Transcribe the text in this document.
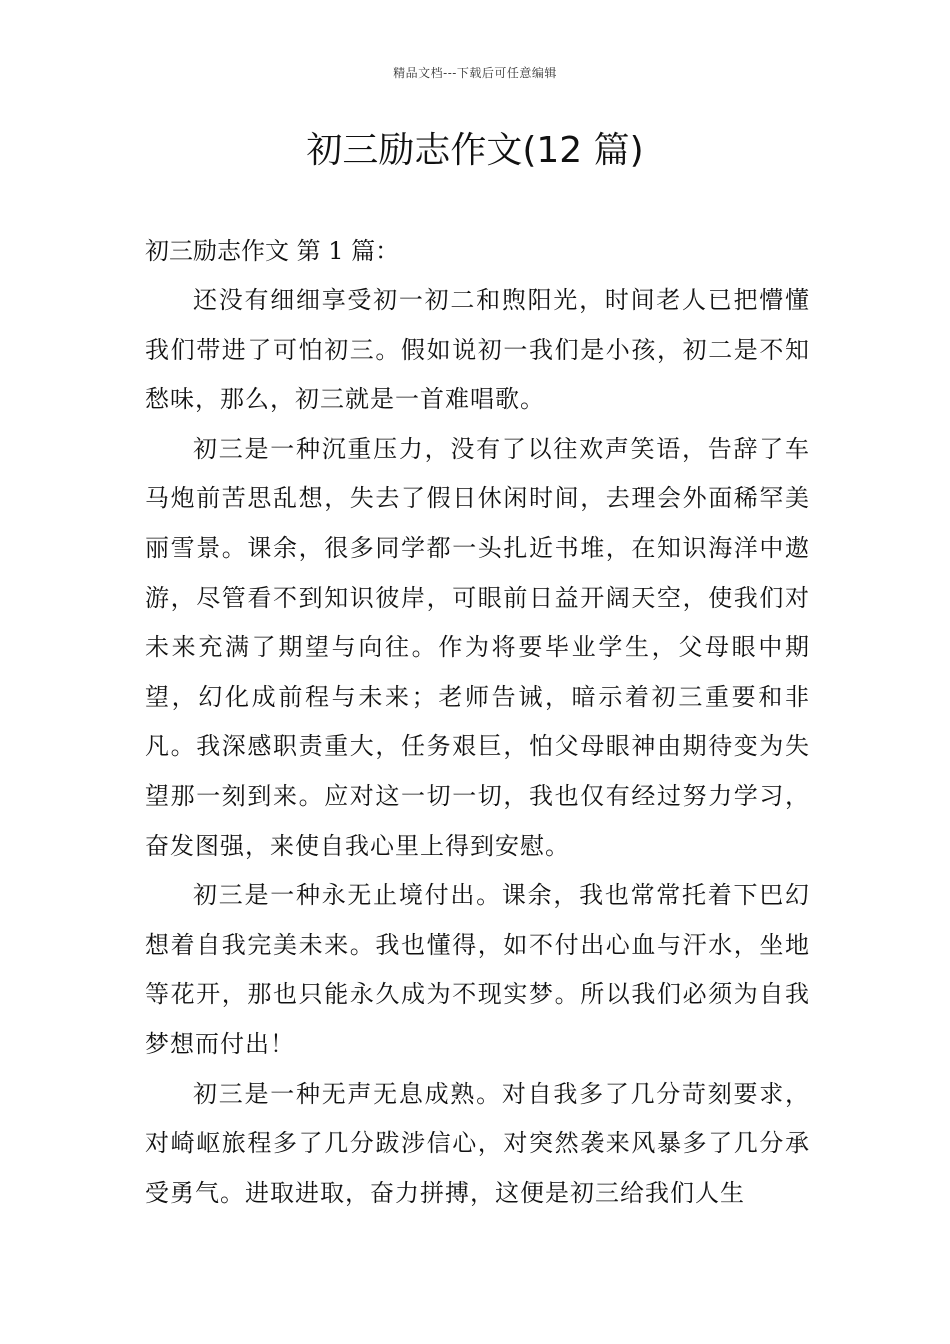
精品文档---下载后可任意编辑
初三励志作文(12 篇)

初三励志作文 第 1 篇：

还没有细细享受初一初二和煦阳光，时间老人已把懵懂我们带进了可怕初三。假如说初一我们是小孩，初二是不知愁味，那么，初三就是一首难唱歌。

初三是一种沉重压力，没有了以往欢声笑语，告辞了车马炮前苦思乱想，失去了假日休闲时间，去理会外面稀罕美丽雪景。课余，很多同学都一头扎近书堆，在知识海洋中遨游，尽管看不到知识彼岸，可眼前日益开阔天空，使我们对未来充满了期望与向往。作为将要毕业学生，父母眼中期望，幻化成前程与未来；老师告诫，暗示着初三重要和非凡。我深感职责重大，任务艰巨，怕父母眼神由期待变为失望那一刻到来。应对这一切一切，我也仅有经过努力学习，奋发图强，来使自我心里上得到安慰。

初三是一种永无止境付出。课余，我也常常托着下巴幻想着自我完美未来。我也懂得，如不付出心血与汗水，坐地等花开，那也只能永久成为不现实梦。所以我们必须为自我梦想而付出！

初三是一种无声无息成熟。对自我多了几分苛刻要求，对崎岖旅程多了几分跋涉信心，对突然袭来风暴多了几分承受勇气。进取进取，奋力拼搏，这便是初三给我们人生
